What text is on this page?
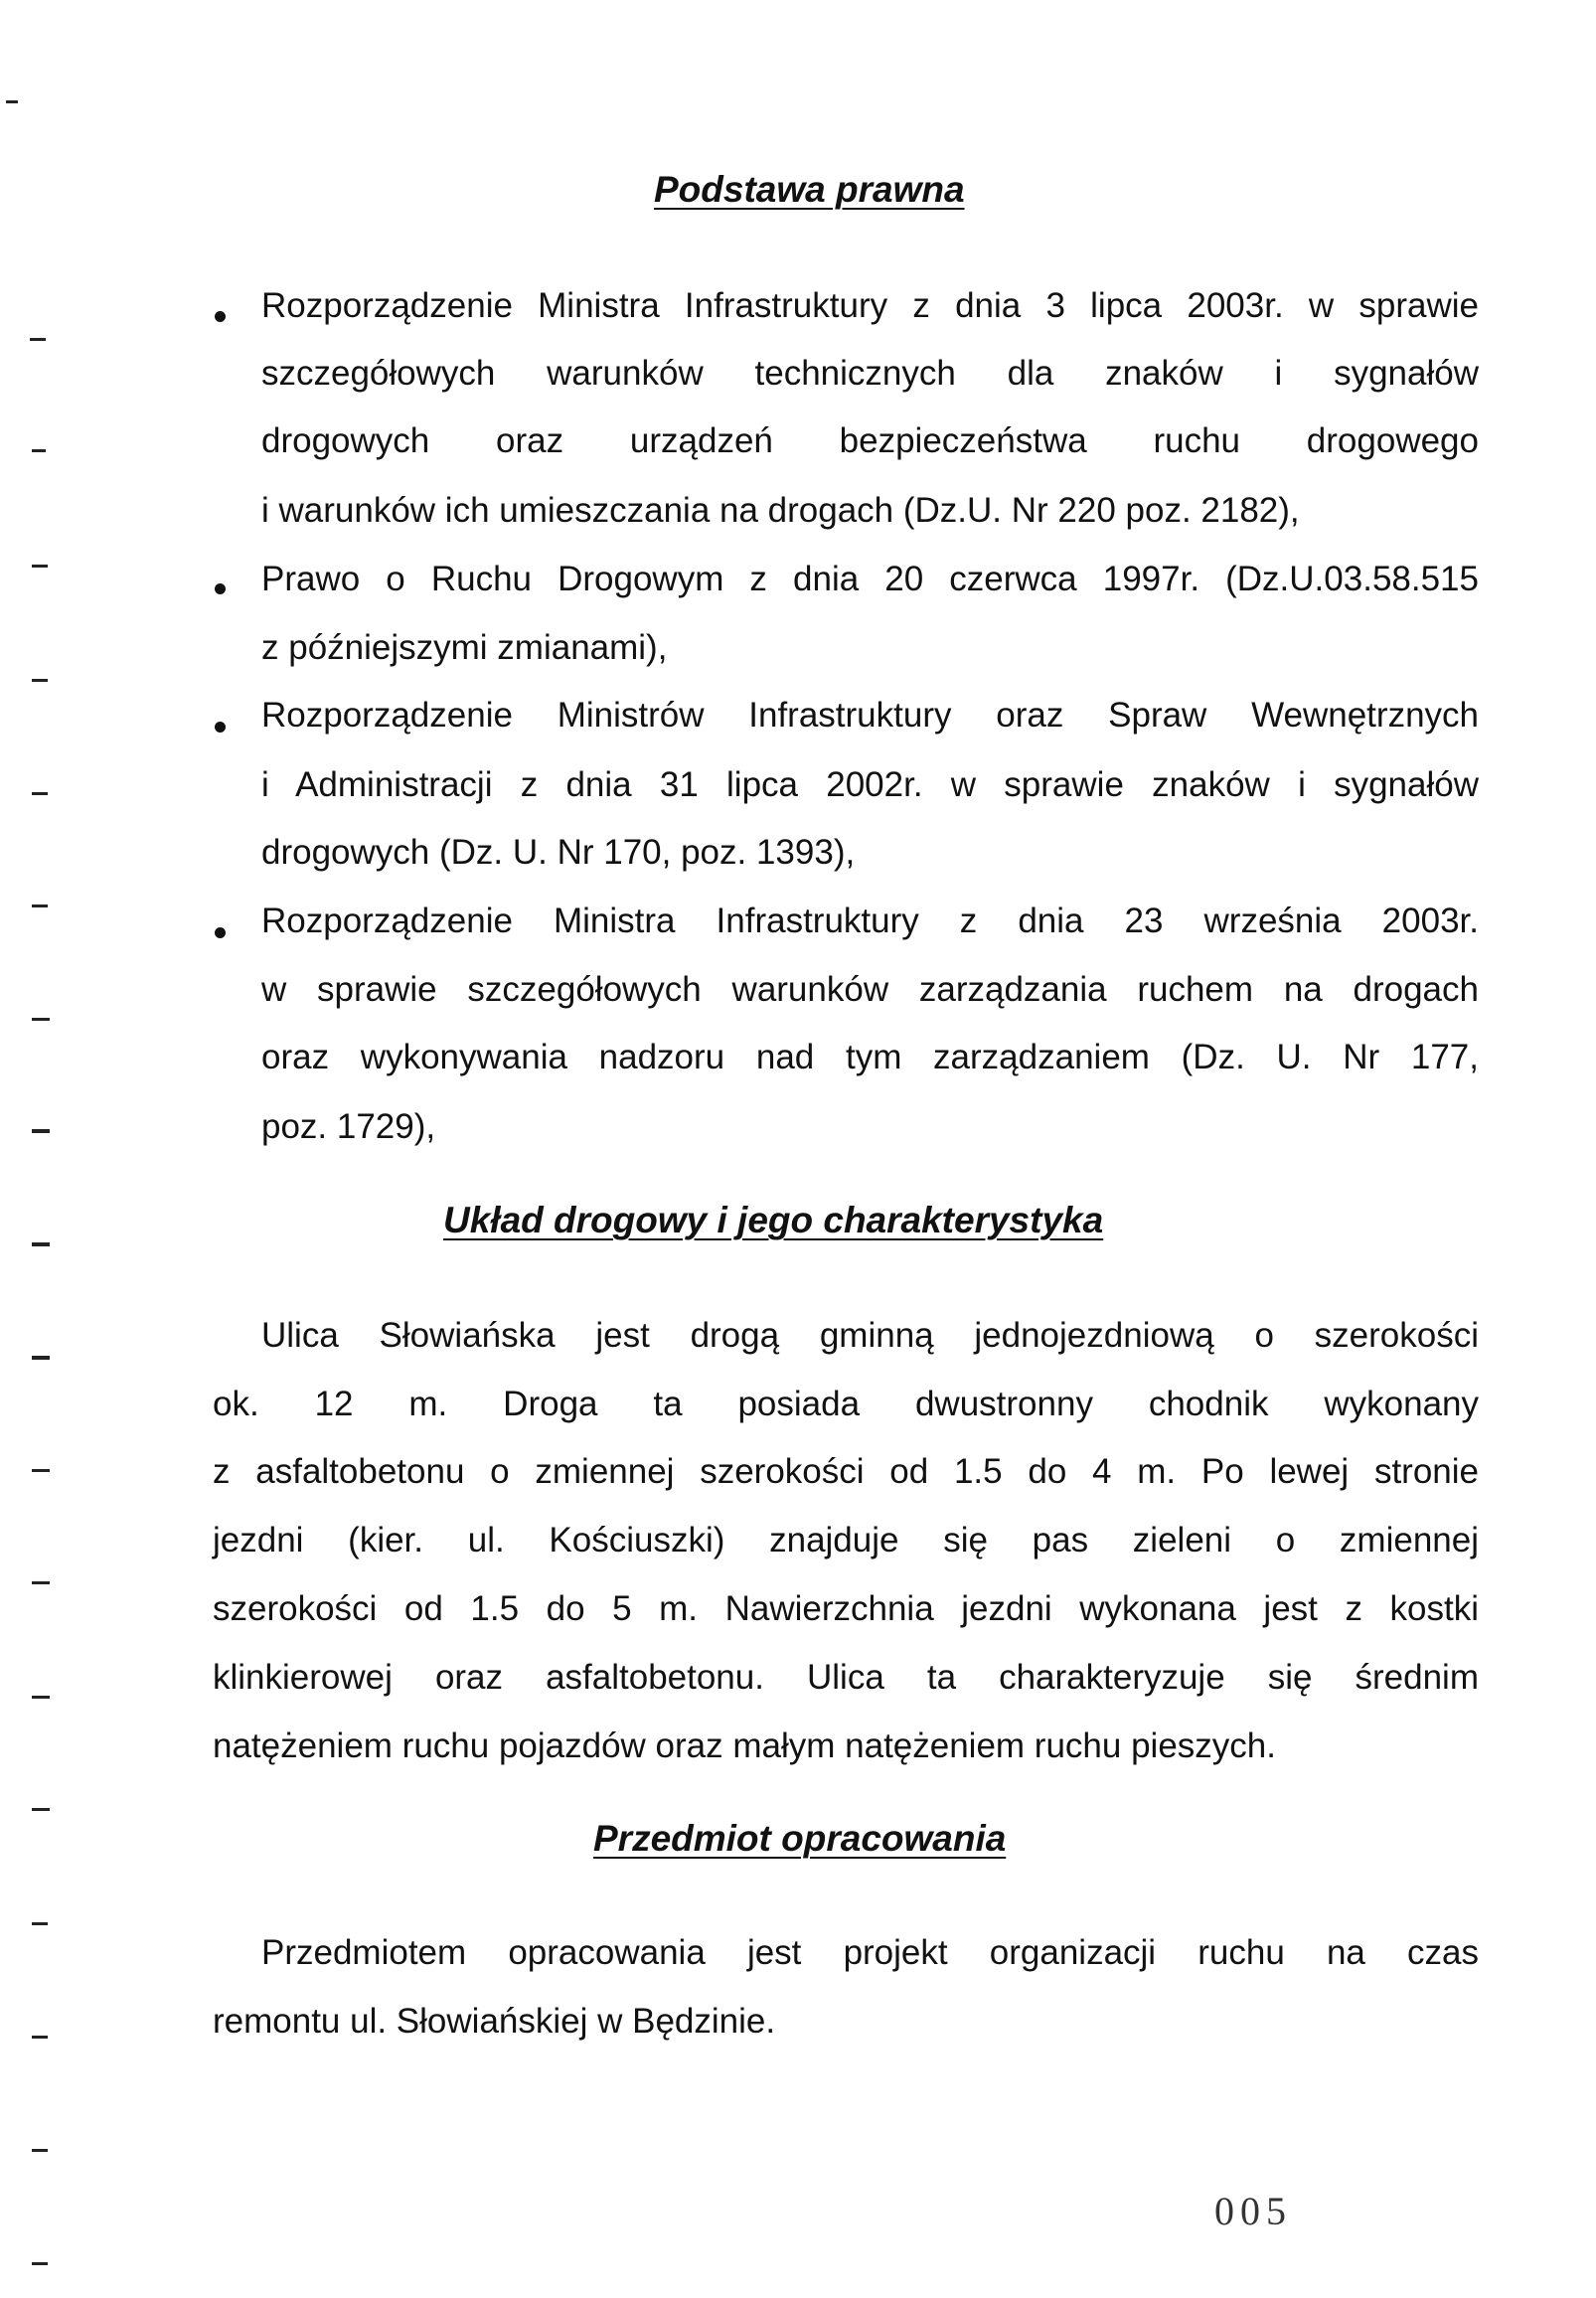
Podstawa prawna
Rozporządzenie Ministra Infrastruktury z dnia 3 lipca 2003r. w sprawie
szczegółowych warunków technicznych dla znaków i sygnałów
drogowych oraz urządzeń bezpieczeństwa ruchu drogowego
i warunków ich umieszczania na drogach (Dz.U. Nr 220 poz. 2182),
Prawo o Ruchu Drogowym z dnia 20 czerwca 1997r. (Dz.U.03.58.515
z późniejszymi zmianami),
Rozporządzenie Ministrów Infrastruktury oraz Spraw Wewnętrznych
i Administracji z dnia 31 lipca 2002r. w sprawie znaków i sygnałów
drogowych (Dz. U. Nr 170, poz. 1393),
Rozporządzenie Ministra Infrastruktury z dnia 23 września 2003r.
w sprawie szczegółowych warunków zarządzania ruchem na drogach
oraz wykonywania nadzoru nad tym zarządzaniem (Dz. U. Nr 177,
poz. 1729),
Układ drogowy i jego charakterystyka
Ulica Słowiańska jest drogą gminną jednojezdniową o szerokości
ok. 12 m. Droga ta posiada dwustronny chodnik wykonany
z asfaltobetonu o zmiennej szerokości od 1.5 do 4 m. Po lewej stronie
jezdni (kier. ul. Kościuszki) znajduje się pas zieleni o zmiennej
szerokości od 1.5 do 5 m. Nawierzchnia jezdni wykonana jest z kostki
klinkierowej oraz asfaltobetonu. Ulica ta charakteryzuje się średnim
natężeniem ruchu pojazdów oraz małym natężeniem ruchu pieszych.
Przedmiot opracowania
Przedmiotem opracowania jest projekt organizacji ruchu na czas
remontu ul. Słowiańskiej w Będzinie.
005
